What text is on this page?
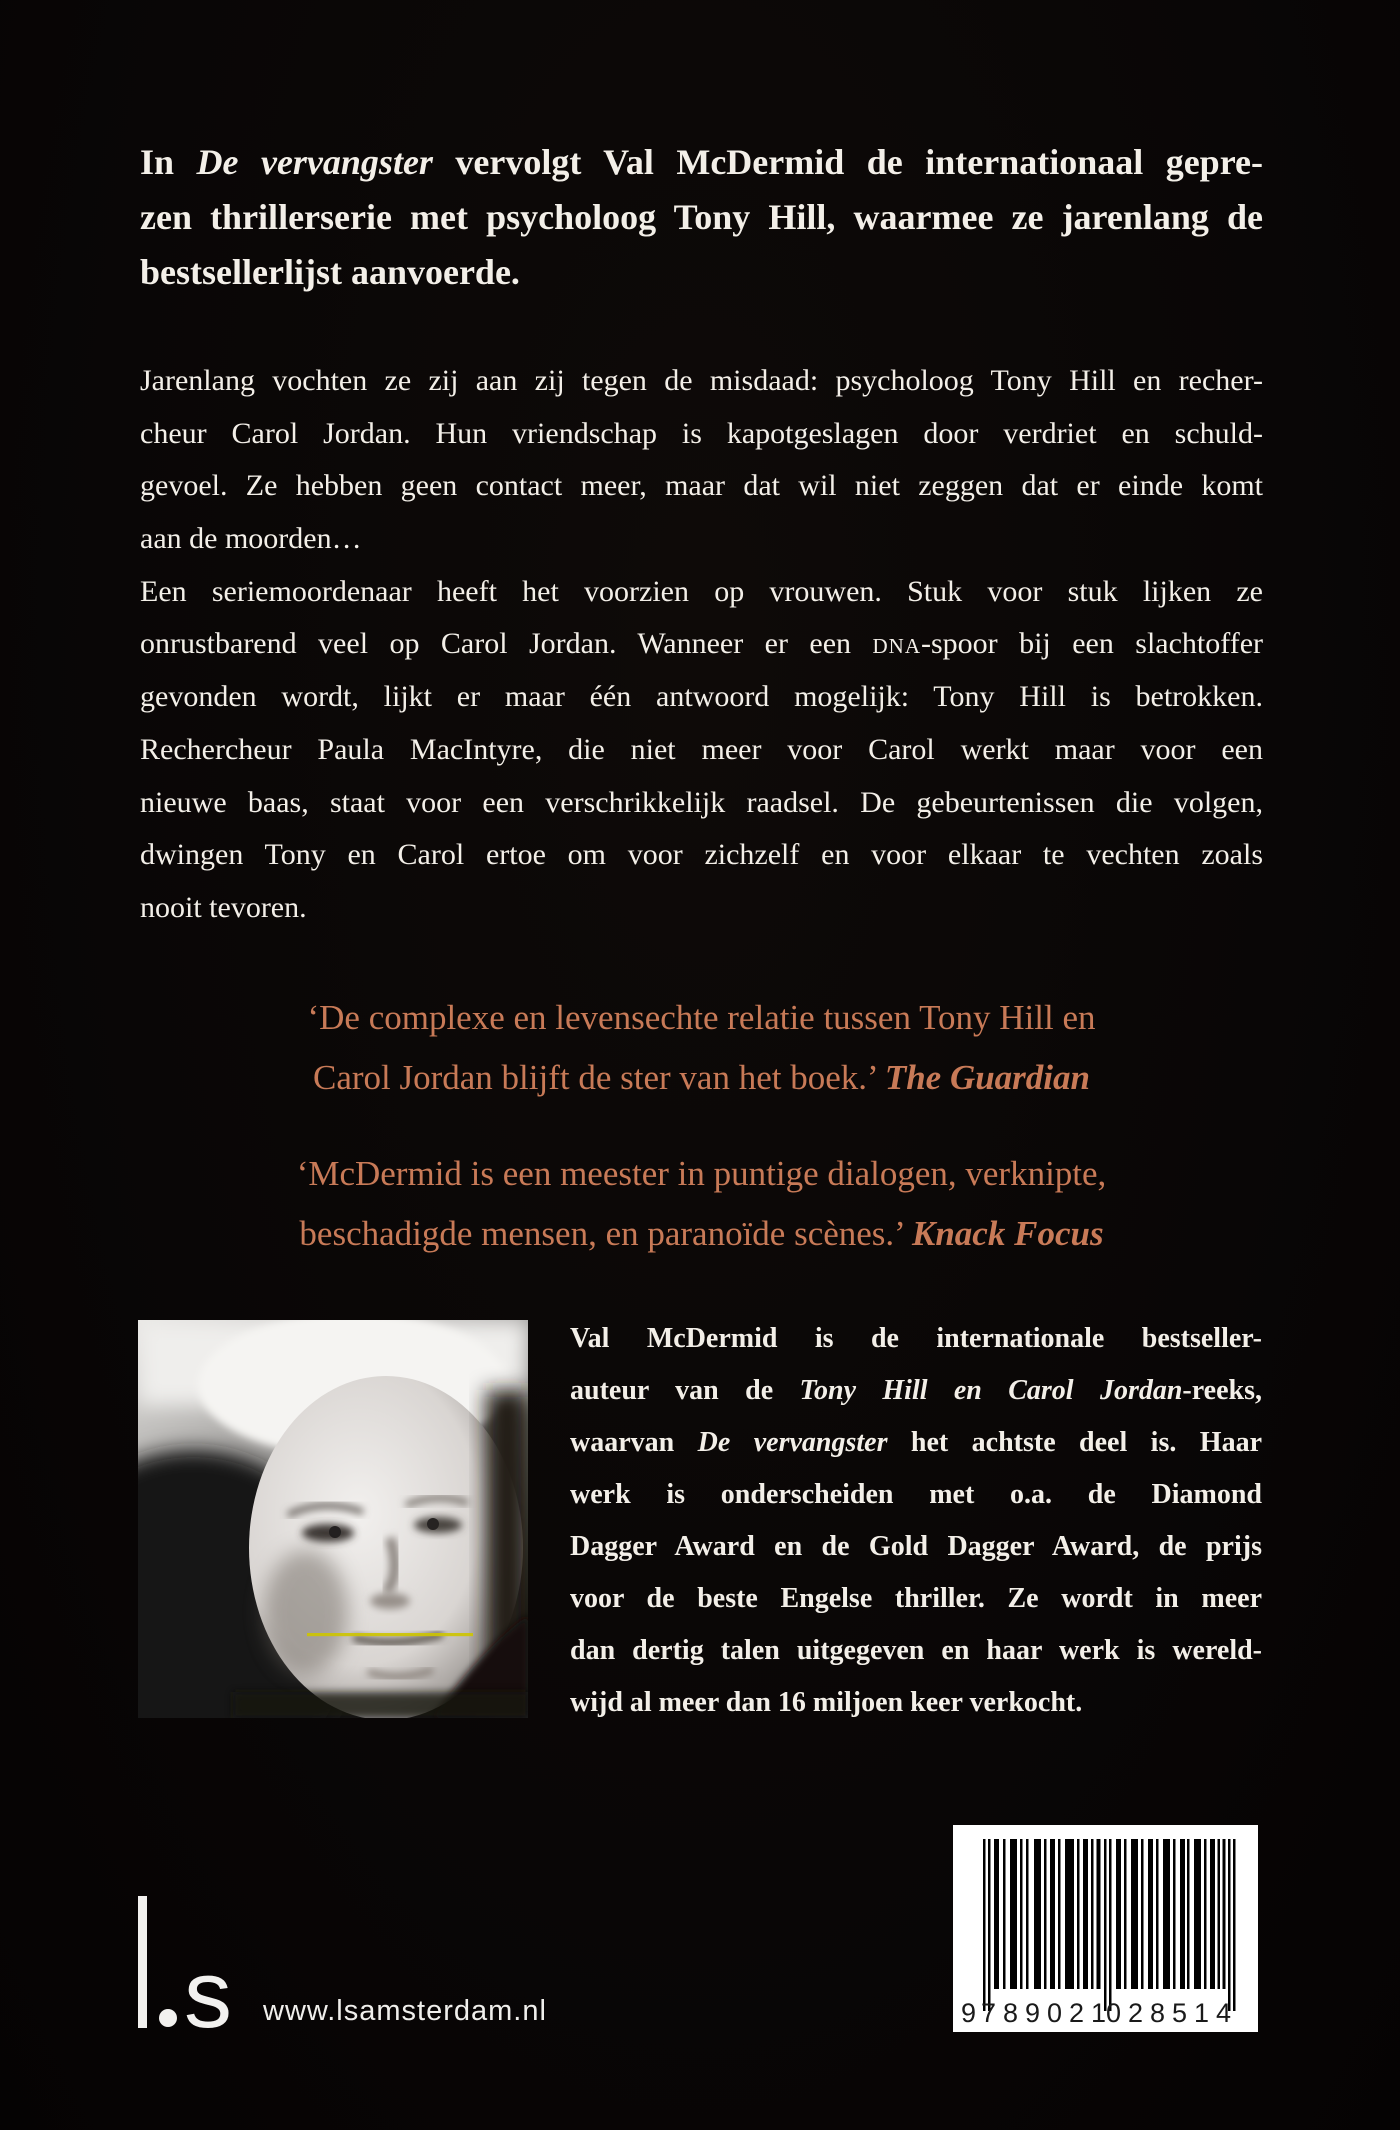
In De vervangster vervolgt Val McDermid de internationaal gepre-
zen thrillerserie met psycholoog Tony Hill, waarmee ze jarenlang de
bestsellerlijst aanvoerde.
Jarenlang vochten ze zij aan zij tegen de misdaad: psycholoog Tony Hill en recher-
cheur Carol Jordan. Hun vriendschap is kapotgeslagen door verdriet en schuld-
gevoel. Ze hebben geen contact meer, maar dat wil niet zeggen dat er einde komt
aan de moorden…
Een seriemoordenaar heeft het voorzien op vrouwen. Stuk voor stuk lijken ze
onrustbarend veel op Carol Jordan. Wanneer er een dna-spoor bij een slachtoffer
gevonden wordt, lijkt er maar één antwoord mogelijk: Tony Hill is betrokken.
Rechercheur Paula MacIntyre, die niet meer voor Carol werkt maar voor een
nieuwe baas, staat voor een verschrikkelijk raadsel. De gebeurtenissen die volgen,
dwingen Tony en Carol ertoe om voor zichzelf en voor elkaar te vechten zoals
nooit tevoren.
‘De complexe en levensechte relatie tussen Tony Hill en
Carol Jordan blijft de ster van het boek.’ The Guardian
‘McDermid is een meester in puntige dialogen, verknipte,
beschadigde mensen, en paranoïde scènes.’ Knack Focus
Val McDermid is de internationale bestseller-
auteur van de Tony Hill en Carol Jordan-reeks,
waarvan De vervangster het achtste deel is. Haar
werk is onderscheiden met o.a. de Diamond
Dagger Award en de Gold Dagger Award, de prijs
voor de beste Engelse thriller. Ze wordt in meer
dan dertig talen uitgegeven en haar werk is wereld-
wijd al meer dan 16 miljoen keer verkocht.
s www.lsamsterdam.nl	9 789021
028514
